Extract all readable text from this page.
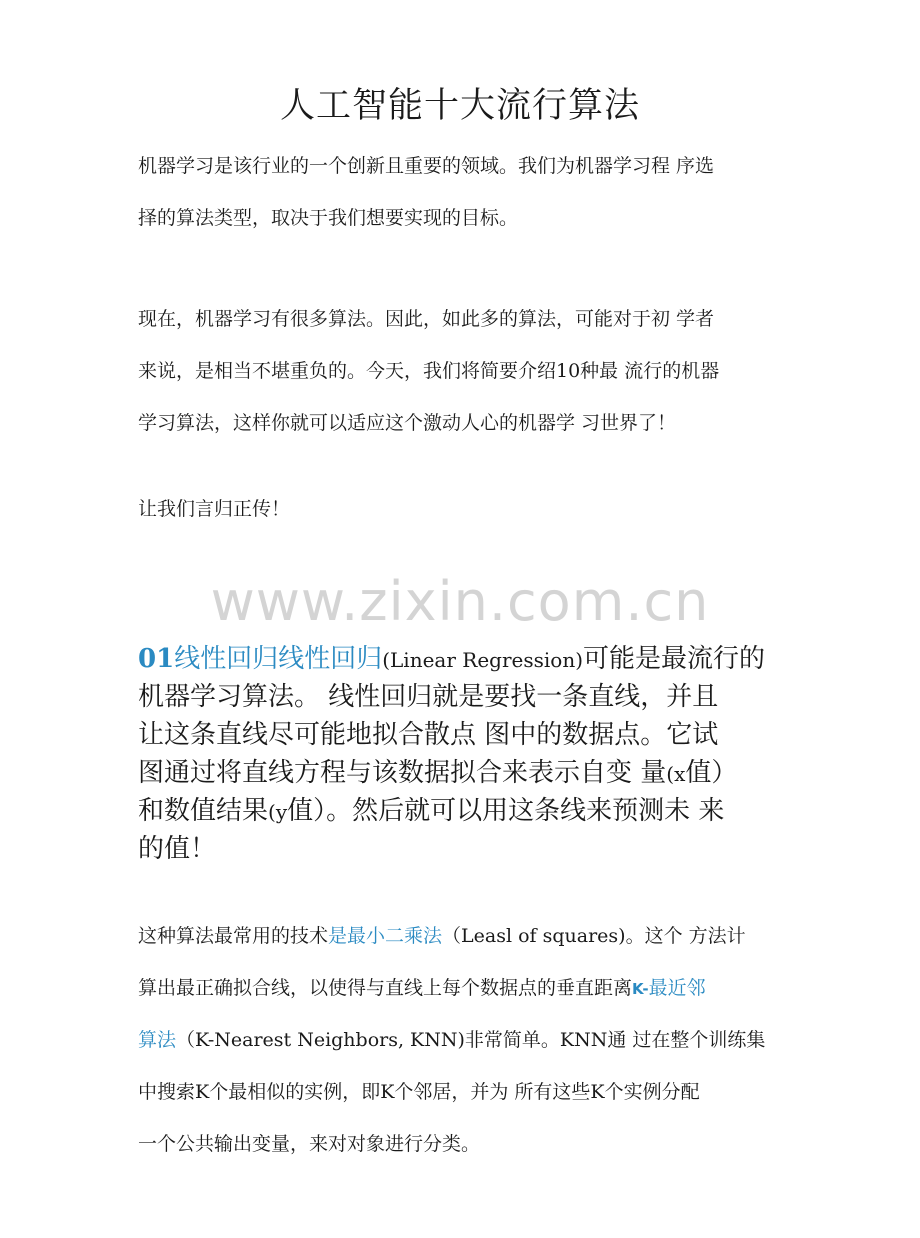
人工智能十大流行算法
机器学习是该行业的一个创新且重要的领域。我们为机器学习程 序选
择的算法类型，取决于我们想要实现的目标。
现在，机器学习有很多算法。因此，如此多的算法，可能对于初 学者
来说，是相当不堪重负的。今天，我们将简要介绍10种最 流行的机器
学习算法，这样你就可以适应这个激动人心的机器学 习世界了！
让我们言归正传！
www.zixin.com.cn
01线性回归线性回归(Linear Regression)可能是最流行的
机器学习算法。 线性回归就是要找一条直线，并且
让这条直线尽可能地拟合散点 图中的数据点。它试
图通过将直线方程与该数据拟合来表示自变 量(x值）
和数值结果(y值）。然后就可以用这条线来预测未 来
的值！
这种算法最常用的技术是最小二乘法（Leasl of squares)。这个 方法计
算出最正确拟合线，以使得与直线上每个数据点的垂直距离K-最近邻
算法（K-Nearest Neighbors, KNN)非常简单。KNN通 过在整个训练集
中搜索K个最相似的实例，即K个邻居，并为 所有这些K个实例分配
一个公共输出变量，来对对象进行分类。
